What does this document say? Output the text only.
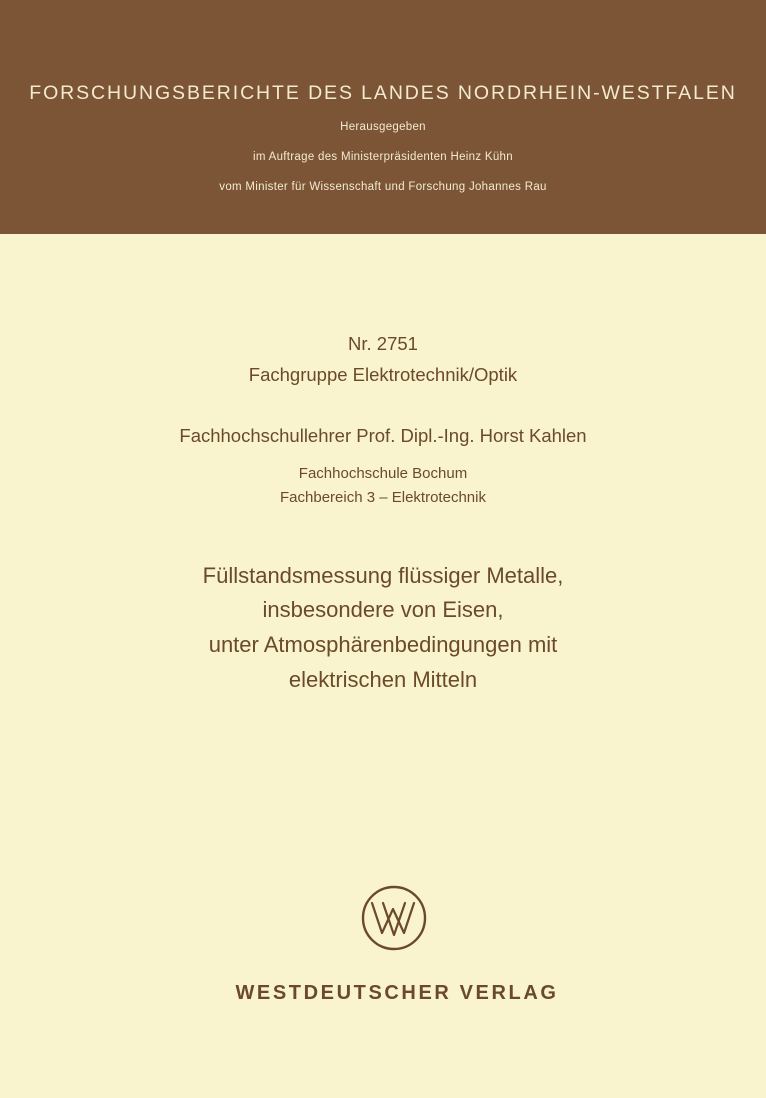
FORSCHUNGSBERICHTE DES LANDES NORDRHEIN-WESTFALEN
Herausgegeben
im Auftrage des Ministerpräsidenten Heinz Kühn
vom Minister für Wissenschaft und Forschung Johannes Rau
Nr. 2751
Fachgruppe Elektrotechnik/Optik
Fachhochschullehrer Prof. Dipl.-Ing. Horst Kahlen
Fachhochschule Bochum
Fachbereich 3 – Elektrotechnik
Füllstandsmessung flüssiger Metalle,
insbesondere von Eisen,
unter Atmosphärenbedingungen mit
elektrischen Mitteln
WESTDEUTSCHER VERLAG
